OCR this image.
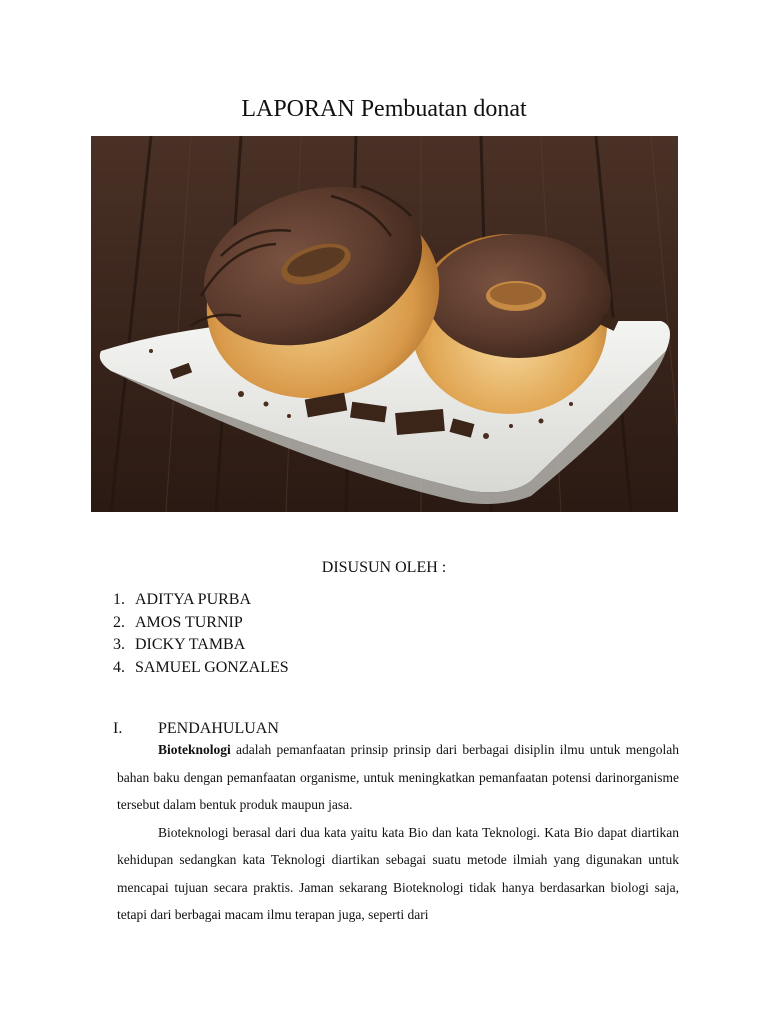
LAPORAN Pembuatan donat
DISUSUN OLEH :
1. ADITYA PURBA
2. AMOS TURNIP
3. DICKY TAMBA
4. SAMUEL GONZALES
I.	PENDAHULUAN

Bioteknologi adalah pemanfaatan prinsip prinsip dari berbagai disiplin ilmu untuk mengolah bahan baku dengan pemanfaatan organisme, untuk meningkatkan pemanfaatan potensi darinorganisme tersebut dalam bentuk produk maupun jasa.

Bioteknologi berasal dari dua kata yaitu kata Bio dan kata Teknologi. Kata Bio dapat diartikan kehidupan sedangkan kata Teknologi diartikan sebagai suatu metode ilmiah yang digunakan untuk mencapai tujuan secara praktis. Jaman sekarang Bioteknologi tidak hanya berdasarkan biologi saja, tetapi dari berbagai macam ilmu terapan juga, seperti dari
